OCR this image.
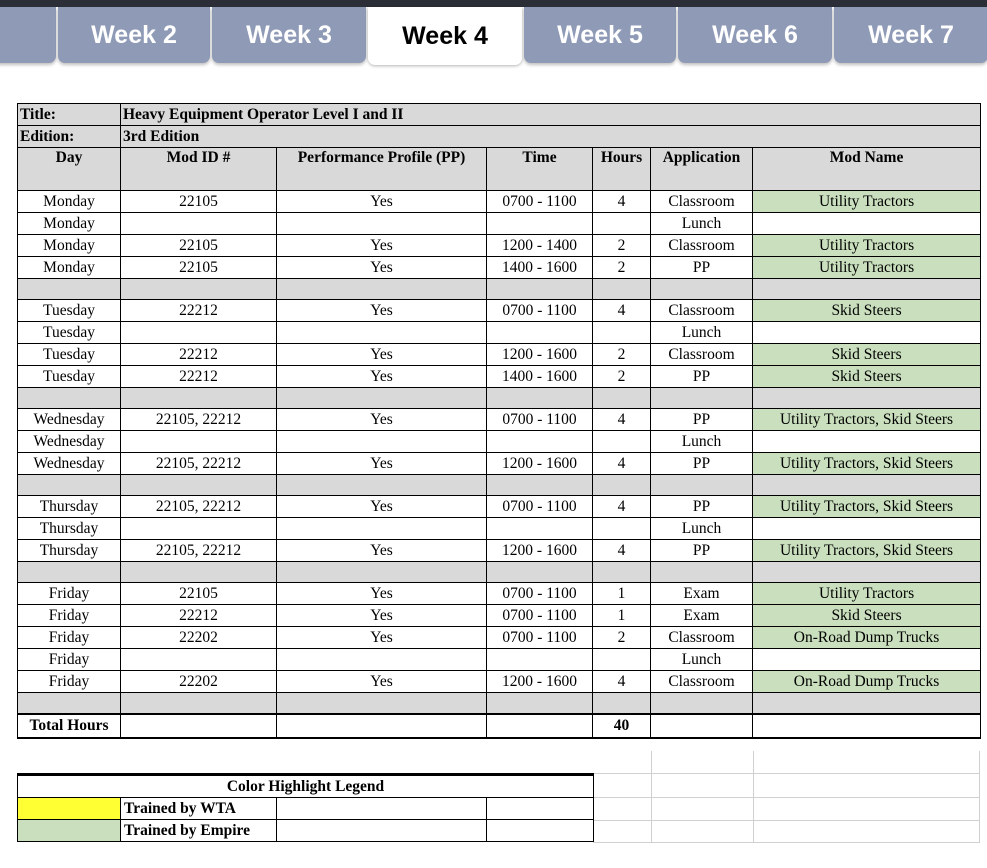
Week 2	Week 3	Week 4	Week 5	Week 6	Week 7
Title:	Heavy Equipment Operator Level I and II					
Edition:	3rd Edition					
Day	Mod ID #	Performance Profile (PP)	Time	Hours	Application	Mod Name
Monday	22105	Yes	0700 - 1100	4	Classroom	Utility Tractors
Monday					Lunch	
Monday	22105	Yes	1200 - 1400	2	Classroom	Utility Tractors
Monday	22105	Yes	1400 - 1600	2	PP	Utility Tractors

Tuesday	22212	Yes	0700 - 1100	4	Classroom	Skid Steers
Tuesday					Lunch	
Tuesday	22212	Yes	1200 - 1600	2	Classroom	Skid Steers
Tuesday	22212	Yes	1400 - 1600	2	PP	Skid Steers

Wednesday	22105, 22212	Yes	0700 - 1100	4	PP	Utility Tractors, Skid Steers
Wednesday					Lunch	
Wednesday	22105, 22212	Yes	1200 - 1600	4	PP	Utility Tractors, Skid Steers

Thursday	22105, 22212	Yes	0700 - 1100	4	PP	Utility Tractors, Skid Steers
Thursday					Lunch	
Thursday	22105, 22212	Yes	1200 - 1600	4	PP	Utility Tractors, Skid Steers

Friday	22105	Yes	0700 - 1100	1	Exam	Utility Tractors
Friday	22212	Yes	0700 - 1100	1	Exam	Skid Steers
Friday	22202	Yes	0700 - 1100	2	Classroom	On-Road Dump Trucks
Friday					Lunch	
Friday	22202	Yes	1200 - 1600	4	Classroom	On-Road Dump Trucks

Total Hours				40		
Color Highlight Legend			
	Trained by WTA		
	Trained by Empire		
